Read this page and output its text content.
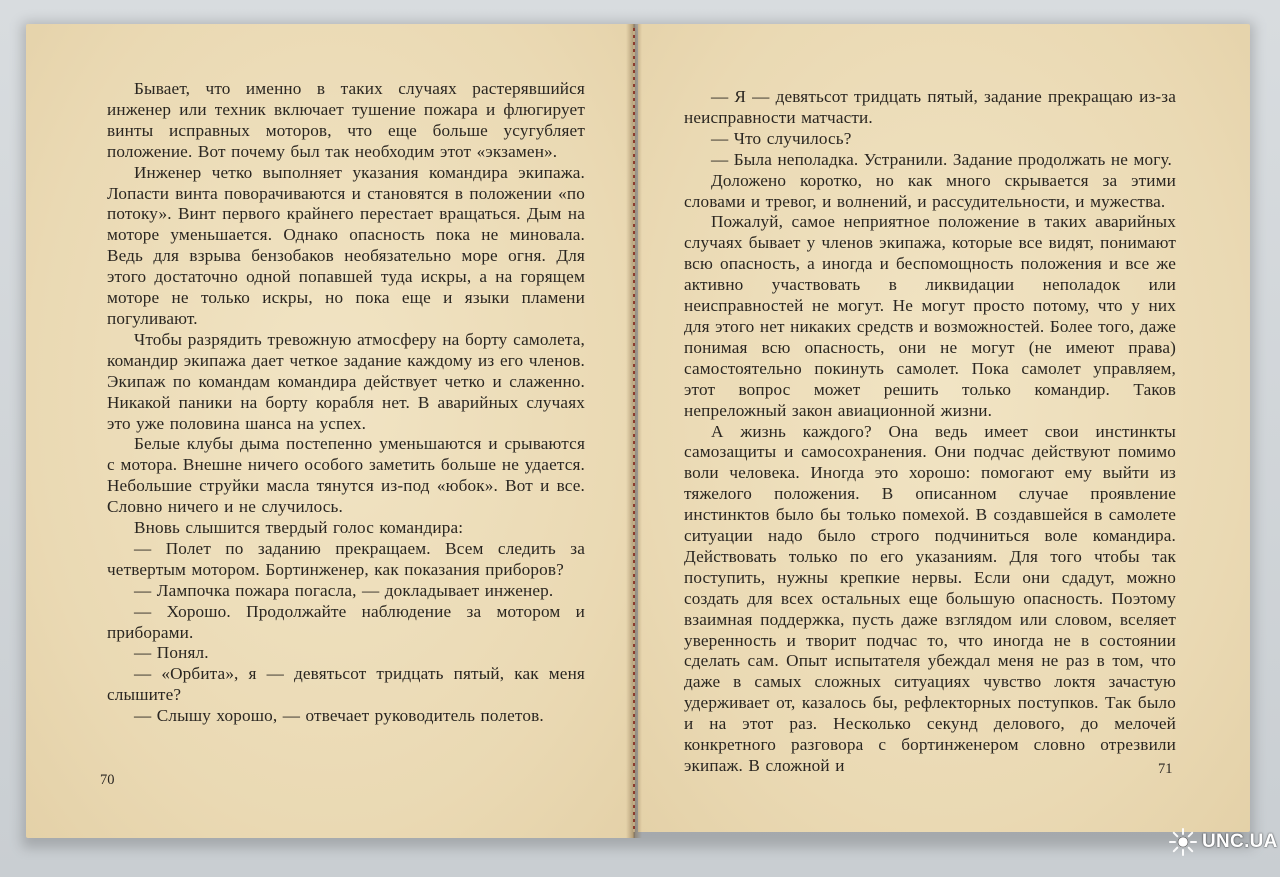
Бывает, что именно в таких случаях растерявшийся инженер или техник включает тушение пожара и флюгирует винты исправных моторов, что еще больше усугубляет положение. Вот почему был так необходим этот «экзамен».

Инженер четко выполняет указания командира экипажа. Лопасти винта поворачиваются и становятся в положении «по потоку». Винт первого крайнего перестает вращаться. Дым на моторе уменьшается. Однако опасность пока не миновала. Ведь для взрыва бензобаков необязательно море огня. Для этого достаточно одной попавшей туда искры, а на горящем моторе не только искры, но пока еще и языки пламени погуливают.

Чтобы разрядить тревожную атмосферу на борту самолета, командир экипажа дает четкое задание каждому из его членов. Экипаж по командам командира действует четко и слаженно. Никакой паники на борту корабля нет. В аварийных случаях это уже половина шанса на успех.

Белые клубы дыма постепенно уменьшаются и срываются с мотора. Внешне ничего особого заметить больше не удается. Небольшие струйки масла тянутся из-под «юбок». Вот и все. Словно ничего и не случилось.

Вновь слышится твердый голос командира:

— Полет по заданию прекращаем. Всем следить за четвертым мотором. Бортинженер, как показания приборов?

— Лампочка пожара погасла, — докладывает инженер.

— Хорошо. Продолжайте наблюдение за мотором и приборами.

— Понял.

— «Орбита», я — девятьсот тридцать пятый, как меня слышите?

— Слышу хорошо, — отвечает руководитель полетов.

70

— Я — девятьсот тридцать пятый, задание прекращаю из-за неисправности матчасти.

— Что случилось?

— Была неполадка. Устранили. Задание продолжать не могу.

Доложено коротко, но как много скрывается за этими словами и тревог, и волнений, и рассудительности, и мужества.

Пожалуй, самое неприятное положение в таких аварийных случаях бывает у членов экипажа, которые все видят, понимают всю опасность, а иногда и беспомощность положения и все же активно участвовать в ликвидации неполадок или неисправностей не могут. Не могут просто потому, что у них для этого нет никаких средств и возможностей. Более того, даже понимая всю опасность, они не могут (не имеют права) самостоятельно покинуть самолет. Пока самолет управляем, этот вопрос может решить только командир. Таков непреложный закон авиационной жизни.

А жизнь каждого? Она ведь имеет свои инстинкты самозащиты и самосохранения. Они подчас действуют помимо воли человека. Иногда это хорошо: помогают ему выйти из тяжелого положения. В описанном случае проявление инстинктов было бы только помехой. В создавшейся в самолете ситуации надо было строго подчиниться воле командира. Действовать только по его указаниям. Для того чтобы так поступить, нужны крепкие нервы. Если они сдадут, можно создать для всех остальных еще большую опасность. Поэтому взаимная поддержка, пусть даже взглядом или словом, вселяет уверенность и творит подчас то, что иногда не в состоянии сделать сам. Опыт испытателя убеждал меня не раз в том, что даже в самых сложных ситуациях чувство локтя зачастую удерживает от, казалось бы, рефлекторных поступков. Так было и на этот раз. Несколько секунд делового, до мелочей конкретного разговора с бортинженером словно отрезвили экипаж. В сложной и	71
UNC.UA
